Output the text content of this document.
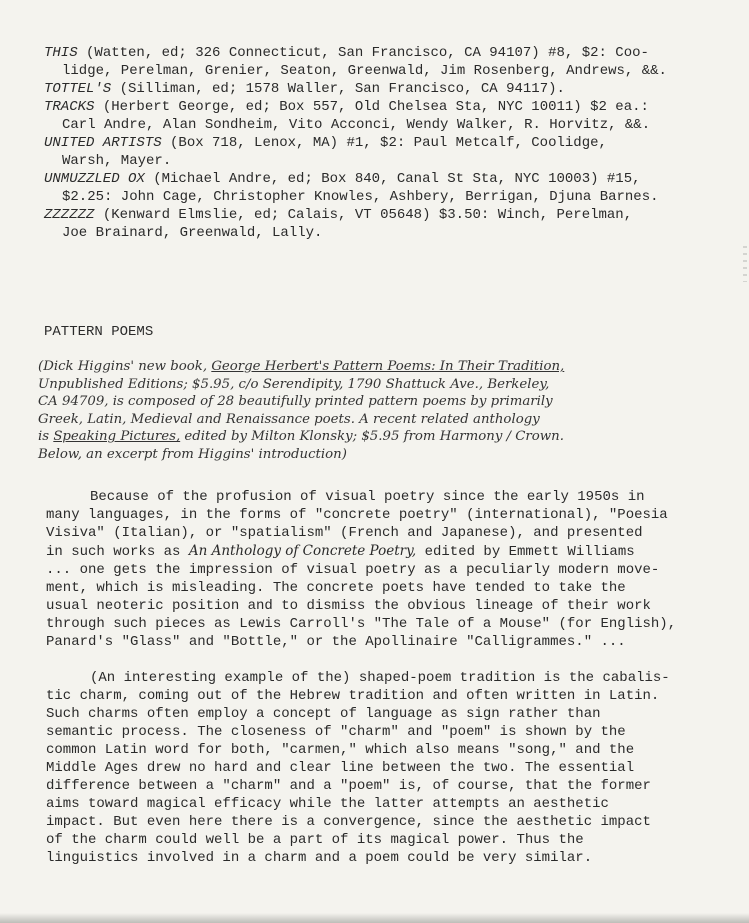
THIS (Watten, ed; 326 Connecticut, San Francisco, CA 94107) #8, $2: Coo-
lidge, Perelman, Grenier, Seaton, Greenwald, Jim Rosenberg, Andrews, &&.

TOTTEL'S (Silliman, ed; 1578 Waller, San Francisco, CA 94117).

TRACKS (Herbert George, ed; Box 557, Old Chelsea Sta, NYC 10011) $2 ea.:
Carl Andre, Alan Sondheim, Vito Acconci, Wendy Walker, R. Horvitz, &&.

UNITED ARTISTS (Box 718, Lenox, MA) #1, $2: Paul Metcalf, Coolidge,
Warsh, Mayer.

UNMUZZLED OX (Michael Andre, ed; Box 840, Canal St Sta, NYC 10003) #15,
$2.25: John Cage, Christopher Knowles, Ashbery, Berrigan, Djuna Barnes.

ZZZZZZ (Kenward Elmslie, ed; Calais, VT 05648) $3.50: Winch, Perelman,
Joe Brainard, Greenwald, Lally.

PATTERN POEMS

(Dick Higgins' new book, George Herbert's Pattern Poems: In Their Tradition,
Unpublished Editions; $5.95, c/o Serendipity, 1790 Shattuck Ave., Berkeley,
CA 94709, is composed of 28 beautifully printed pattern poems by primarily
Greek, Latin, Medieval and Renaissance poets. A recent related anthology
is Speaking Pictures, edited by Milton Klonsky; $5.95 from Harmony / Crown.
Below, an excerpt from Higgins' introduction)

Because of the profusion of visual poetry since the early 1950s in
many languages, in the forms of "concrete poetry" (international), "Poesia
Visiva" (Italian), or "spatialism" (French and Japanese), and presented
in such works as An Anthology of Concrete Poetry, edited by Emmett Williams
... one gets the impression of visual poetry as a peculiarly modern move-
ment, which is misleading. The concrete poets have tended to take the
usual neoteric position and to dismiss the obvious lineage of their work
through such pieces as Lewis Carroll's "The Tale of a Mouse" (for English),
Panard's "Glass" and "Bottle," or the Apollinaire "Calligrammes." ...

(An interesting example of the) shaped-poem tradition is the cabalis-
tic charm, coming out of the Hebrew tradition and often written in Latin.
Such charms often employ a concept of language as sign rather than
semantic process. The closeness of "charm" and "poem" is shown by the
common Latin word for both, "carmen," which also means "song," and the
Middle Ages drew no hard and clear line between the two. The essential
difference between a "charm" and a "poem" is, of course, that the former
aims toward magical efficacy while the latter attempts an aesthetic
impact. But even here there is a convergence, since the aesthetic impact
of the charm could well be a part of its magical power. Thus the
linguistics involved in a charm and a poem could be very similar.
